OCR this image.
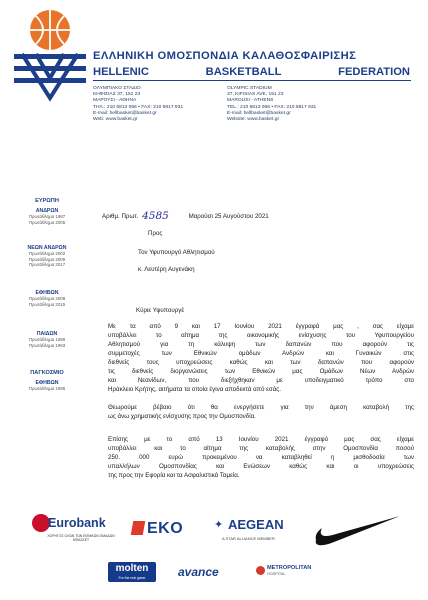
ΕΛΛΗΝΙΚΗ ΟΜΟΣΠΟΝΔΙΑ ΚΑΛΑΘΟΣΦΑΙΡΙΣΗΣ
HELLENIC	BASKETBALL	FEDERATION
ΟΛΥΜΠΙΑΚΟ ΣΤΑΔΙΟ
ΚΗΦΙΣΙΑΣ 37, 151 23
ΜΑΡΟΥΣΙ - ΑΘΗΝΑ
ΤΗΛ.: 210 6813 066 • FAX: 210 6817 931
E-mail: hellbasket@basket.gr
Web: www.basket.gr
OLYMPIC STADIUM
37, KIFISIAS AVE, 151 23
MAROUSI - ATHENS
TEL.: 210 6813 066 • FAX: 210 6817 931
E-mail: hellbasket@basket.gr
Website: www.basket.gr
ΕΥΡΩΠΗ
ΑΝΔΡΩΝ
Πρωτάθλημα 1987
Πρωτάθλημα 2005
ΝΕΩΝ ΑΝΔΡΩΝ
Πρωτάθλημα 2002
Πρωτάθλημα 2009
Πρωτάθλημα 2017
ΕΦΗΒΩΝ
Πρωτάθλημα 2008
Πρωτάθλημα 2015
ΠΑΙΔΩΝ
Πρωτάθλημα 1989
Πρωτάθλημα 1993
ΠΑΓΚΟΣΜΙΟ
ΕΦΗΒΩΝ
Πρωτάθλημα 1995
Αριθμ. Πρωτ. 4585	Μαρούσι 25 Αυγούστου 2021
Προς
Τον Υφυπουργό Αθλητισμού
κ. Λευτέρη Αυγενάκη
Κύριε Υφυπουργέ
Με τα από 9 και 17 Ιουνίου 2021 έγγραφά μας , σας είχαμε
υποβάλλει το αίτημα της οικονομικής ενίσχυσης του Υφυπουργείου
Αθλητισμού για τη κάλυψη των δαπανών που αφορούν τις
συμμετοχές των Εθνικών ομάδων Ανδρών και Γυναικών στις
διεθνείς τους υποχρεώσεις καθώς και των δαπανών που αφορούν
τις διεθνείς διοργανώσεις των Εθνικών μας Ομάδων Νέων Ανδρών
και Νεανίδων, που διεξήχθηκαν με υποδειγματικό τρόπο στο
Ηράκλειο Κρήτης, αιτήματα τα οποία έγινα αποδεκτά από εσάς.
Θεωρούμε βέβαιο ότι θα ενεργήσετε για την άμεση καταβολή της
ως άνω χρηματικής ενίσχυσης προς την Ομοσπονδία.
Επίσης με το από 13 Ιουνίου 2021 έγγραφό μας σας είχαμε
υποβάλλει και το αίτημα της καταβολής στην Ομοσπονδία ποσού
250. 000 ευρώ προκειμένου να καταβληθεί η μισθοδοσία των
υπαλλήλων Ομοσπονδίας και Ενώσεων καθώς και οι υποχρεώσεις
της προς την Εφορία και τα Ασφαλιστικά Ταμεία.
Eurobank
ΧΟΡΗΓΟΣ ΟΛΩΝ ΤΩΝ ΕΘΝΙΚΩΝ ΟΜΑΔΩΝ ΜΠΑΣΚΕΤ
EKO	✦ AEGEAN
A STAR ALLIANCE MEMBER
molten
For the real game	avance	METROPOLITAN
HOSPITAL
